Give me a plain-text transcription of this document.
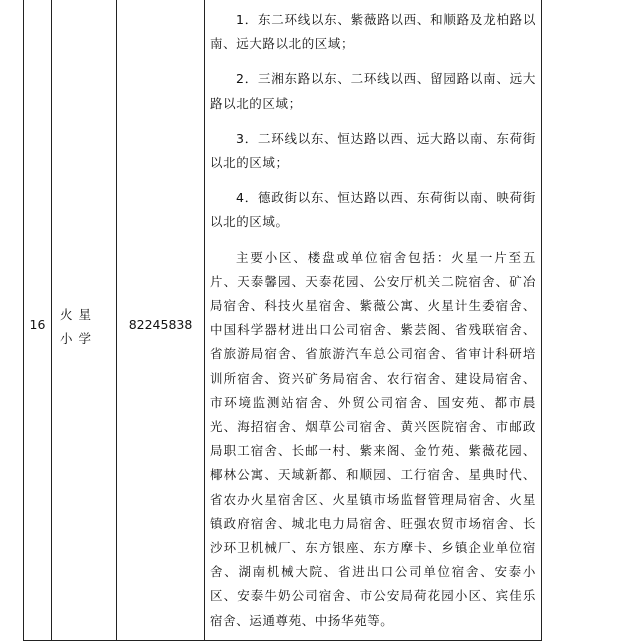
16
火星小学
82245838

1．东二环线以东、紫薇路以西、和顺路及龙柏路以南、远大路以北的区域；

2．三湘东路以东、二环线以西、留园路以南、远大路以北的区域；

3．二环线以东、恒达路以西、远大路以南、东荷街以北的区域；

4．德政街以东、恒达路以西、东荷街以南、映荷街以北的区域。

主要小区、楼盘或单位宿舍包括：火星一片至五片、天泰馨园、天泰花园、公安厅机关二院宿舍、矿冶局宿舍、科技火星宿舍、紫薇公寓、火星计生委宿舍、中国科学器材进出口公司宿舍、紫芸阁、省残联宿舍、省旅游局宿舍、省旅游汽车总公司宿舍、省审计科研培训所宿舍、资兴矿务局宿舍、农行宿舍、建设局宿舍、市环境监测站宿舍、外贸公司宿舍、国安苑、都市晨光、海招宿舍、烟草公司宿舍、黄兴医院宿舍、市邮政局职工宿舍、长邮一村、紫来阁、金竹苑、紫薇花园、椰林公寓、天域新都、和顺园、工行宿舍、星典时代、省农办火星宿舍区、火星镇市场监督管理局宿舍、火星镇政府宿舍、城北电力局宿舍、旺强农贸市场宿舍、长沙环卫机械厂、东方银座、东方摩卡、乡镇企业单位宿舍、湖南机械大院、省进出口公司单位宿舍、安泰小区、安泰牛奶公司宿舍、市公安局荷花园小区、宾佳乐宿舍、运通尊苑、中扬华苑等。
